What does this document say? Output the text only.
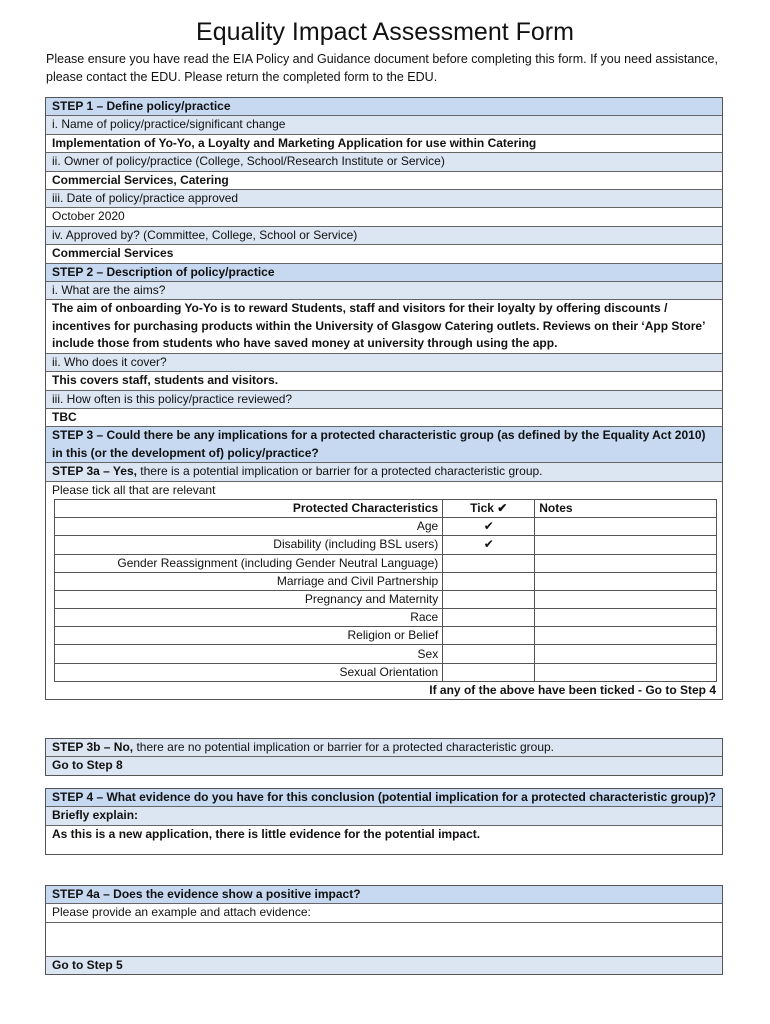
Equality Impact Assessment Form
Please ensure you have read the EIA Policy and Guidance document before completing this form. If you need assistance, please contact the EDU. Please return the completed form to the EDU.
STEP 1 – Define policy/practice
i. Name of policy/practice/significant change
Implementation of Yo-Yo, a Loyalty and Marketing Application for use within Catering
ii. Owner of policy/practice (College, School/Research Institute or Service)
Commercial Services, Catering
iii. Date of policy/practice approved
October 2020
iv. Approved by? (Committee, College, School or Service)
Commercial Services
STEP 2 – Description of policy/practice
i. What are the aims?
The aim of onboarding Yo-Yo is to reward Students, staff and visitors for their loyalty by offering discounts / incentives for purchasing products within the University of Glasgow Catering outlets. Reviews on their ‘App Store’ include those from students who have saved money at university through using the app.
ii. Who does it cover?
This covers staff, students and visitors.
iii. How often is this policy/practice reviewed?
TBC
STEP 3 – Could there be any implications for a protected characteristic group (as defined by the Equality Act 2010) in this (or the development of) policy/practice?
STEP 3a – Yes, there is a potential implication or barrier for a protected characteristic group.
Please tick all that are relevant
Protected Characteristics	Tick ✔	Notes
Age	✔	
Disability (including BSL users)	✔	
Gender Reassignment (including Gender Neutral Language)		
Marriage and Civil Partnership		
Pregnancy and Maternity		
Race		
Religion or Belief		
Sex		
Sexual Orientation		
If any of the above have been ticked - Go to Step 4
STEP 3b – No, there are no potential implication or barrier for a protected characteristic group.
Go to Step 8
STEP 4 – What evidence do you have for this conclusion (potential implication for a protected characteristic group)?
Briefly explain:
As this is a new application, there is little evidence for the potential impact.
STEP 4a – Does the evidence show a positive impact?
Please provide an example and attach evidence:
Go to Step 5
